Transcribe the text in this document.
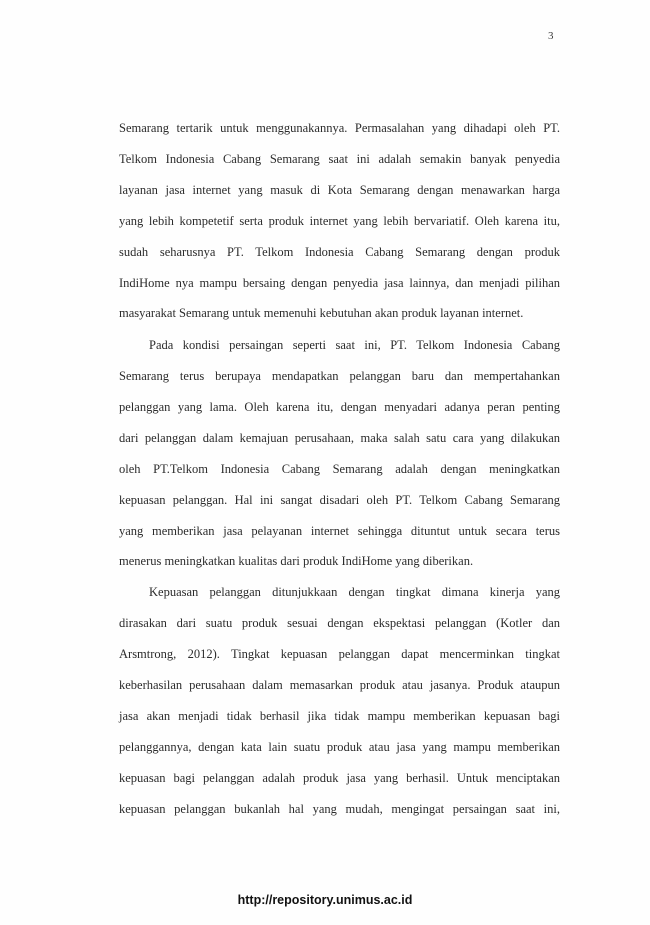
3
Semarang tertarik untuk menggunakannya. Permasalahan yang dihadapi oleh PT.
Telkom Indonesia Cabang Semarang saat ini adalah semakin banyak penyedia
layanan jasa internet yang masuk di Kota Semarang dengan menawarkan harga
yang lebih kompetetif serta produk internet yang lebih bervariatif. Oleh karena itu,
sudah seharusnya PT. Telkom Indonesia Cabang Semarang dengan produk
IndiHome nya mampu bersaing dengan penyedia jasa lainnya, dan menjadi pilihan
masyarakat Semarang untuk memenuhi kebutuhan akan produk layanan internet.
Pada kondisi persaingan seperti saat ini, PT. Telkom Indonesia Cabang
Semarang terus berupaya mendapatkan pelanggan baru dan mempertahankan
pelanggan yang lama. Oleh karena itu, dengan menyadari adanya peran penting
dari pelanggan dalam kemajuan perusahaan, maka salah satu cara yang dilakukan
oleh PT.Telkom Indonesia Cabang Semarang adalah dengan meningkatkan
kepuasan pelanggan. Hal ini sangat disadari oleh PT. Telkom Cabang Semarang
yang memberikan jasa pelayanan internet sehingga dituntut untuk secara terus
menerus meningkatkan kualitas dari produk IndiHome yang diberikan.
Kepuasan pelanggan ditunjukkaan dengan tingkat dimana kinerja yang
dirasakan dari suatu produk sesuai dengan ekspektasi pelanggan (Kotler dan
Arsmtrong, 2012). Tingkat kepuasan pelanggan dapat mencerminkan tingkat
keberhasilan perusahaan dalam memasarkan produk atau jasanya. Produk ataupun
jasa akan menjadi tidak berhasil jika tidak mampu memberikan kepuasan bagi
pelanggannya, dengan kata lain suatu produk atau jasa yang mampu memberikan
kepuasan bagi pelanggan adalah produk jasa yang berhasil. Untuk menciptakan
kepuasan pelanggan bukanlah hal yang mudah, mengingat persaingan saat ini,
http://repository.unimus.ac.id
